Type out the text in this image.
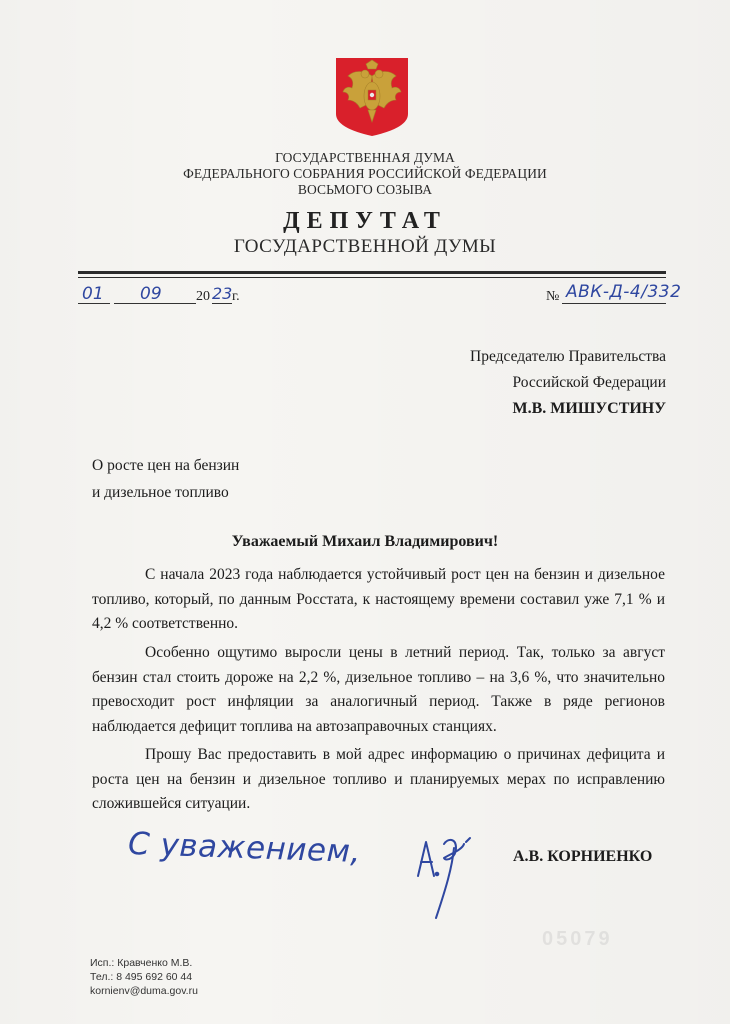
ГОСУДАРСТВЕННАЯ ДУМА
ФЕДЕРАЛЬНОГО СОБРАНИЯ РОССИЙСКОЙ ФЕДЕРАЦИИ
ВОСЬМОГО СОЗЫВА
ДЕПУТАТ
ГОСУДАРСТВЕННОЙ ДУМЫ
01 09 20 23 г.	№ АВК-Д-4/332
Председателю Правительства
Российской Федерации
М.В. МИШУСТИНУ
О росте цен на бензин
и дизельное топливо
Уважаемый Михаил Владимирович!

С начала 2023 года наблюдается устойчивый рост цен на бензин и дизельное топливо, который, по данным Росстата, к настоящему времени составил уже 7,1 % и 4,2 % соответственно.

Особенно ощутимо выросли цены в летний период. Так, только за август бензин стал стоить дороже на 2,2 %, дизельное топливо – на 3,6 %, что значительно превосходит рост инфляции за аналогичный период. Также в ряде регионов наблюдается дефицит топлива на автозаправочных станциях.

Прошу Вас предоставить в мой адрес информацию о причинах дефицита и роста цен на бензин и дизельное топливо и планируемых мерах по исправлению сложившейся ситуации.

С уважением,	А.В. КОРНИЕНКО
05079
Исп.: Кравченко М.В.
Тел.: 8 495 692 60 44
kornienv@duma.gov.ru
